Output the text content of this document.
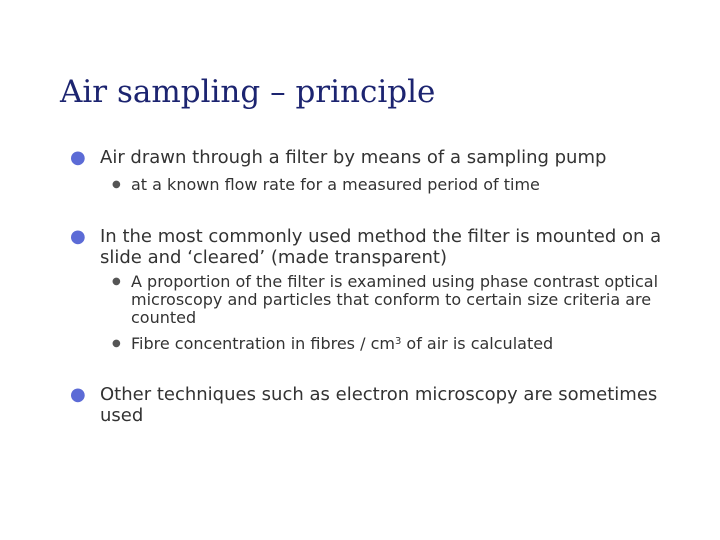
Air sampling – principle
● Air drawn through a filter by means of a sampling pump
● at a known flow rate for a measured period of time
● In the most commonly used method the filter is mounted on a slide and ‘cleared’ (made transparent)
● A proportion of the filter is examined using phase contrast optical microscopy and particles that conform to certain size criteria are counted
● Fibre concentration in fibres / $cm^3$ of air is calculated
● Other techniques such as electron microscopy are sometimes used
